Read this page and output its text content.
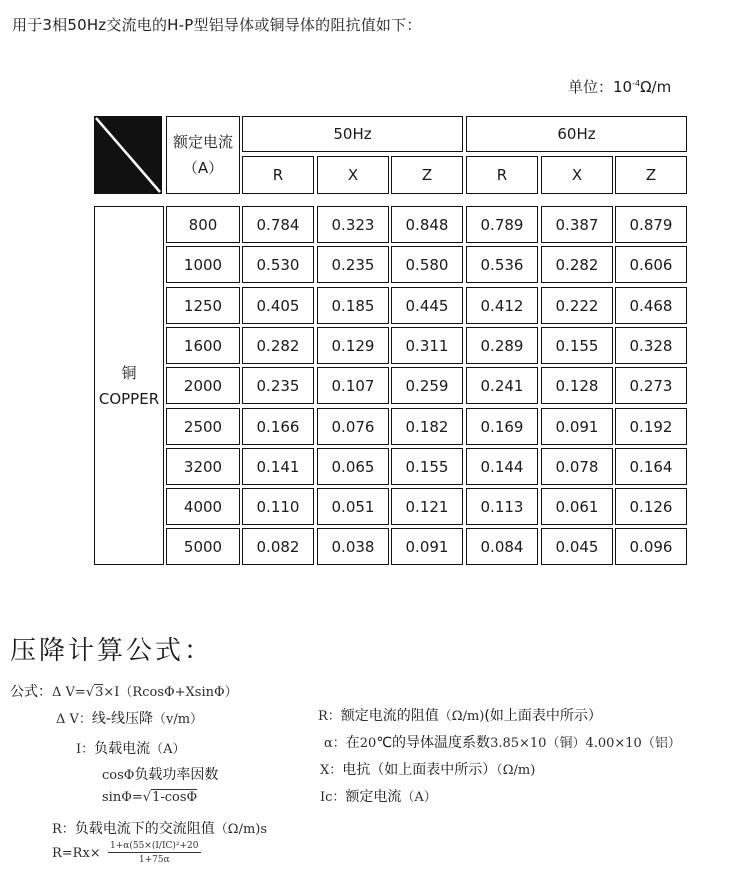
用于3相50Hz交流电的H-P型铝导体或铜导体的阻抗值如下：
单位：$10^{-4}\Omega/m$
额定电流
（A）
50Hz	60Hz
R	X	Z	R	X	Z
铜
COPPER
800	0.784	0.323	0.848	0.789	0.387	0.879
1000	0.530	0.235	0.580	0.536	0.282	0.606
1250	0.405	0.185	0.445	0.412	0.222	0.468
1600	0.282	0.129	0.311	0.289	0.155	0.328
2000	0.235	0.107	0.259	0.241	0.128	0.273
2500	0.166	0.076	0.182	0.169	0.091	0.192
3200	0.141	0.065	0.155	0.144	0.078	0.164
4000	0.110	0.051	0.121	0.113	0.061	0.126
5000	0.082	0.038	0.091	0.084	0.045	0.096
压降计算公式：
公式：Δ V=√3×I（RcosΦ+XsinΦ）
Δ V：线-线压降（v/m）
I：负载电流（A）
cosΦ负载功率因数
sinΦ=√1-cosΦ
R：负载电流下的交流阻值（Ω/m)s
$R=Rx\times \frac{\text{1+α(55×(I/IC)²+20}}{1+75\alpha}$
R：额定电流的阻值（Ω/m)(如上面表中所示）
α：在20℃的导体温度系数3.85×10（铜）4.00×10（铝）
X：电抗（如上面表中所示）（Ω/m)
Ic：额定电流（A）
